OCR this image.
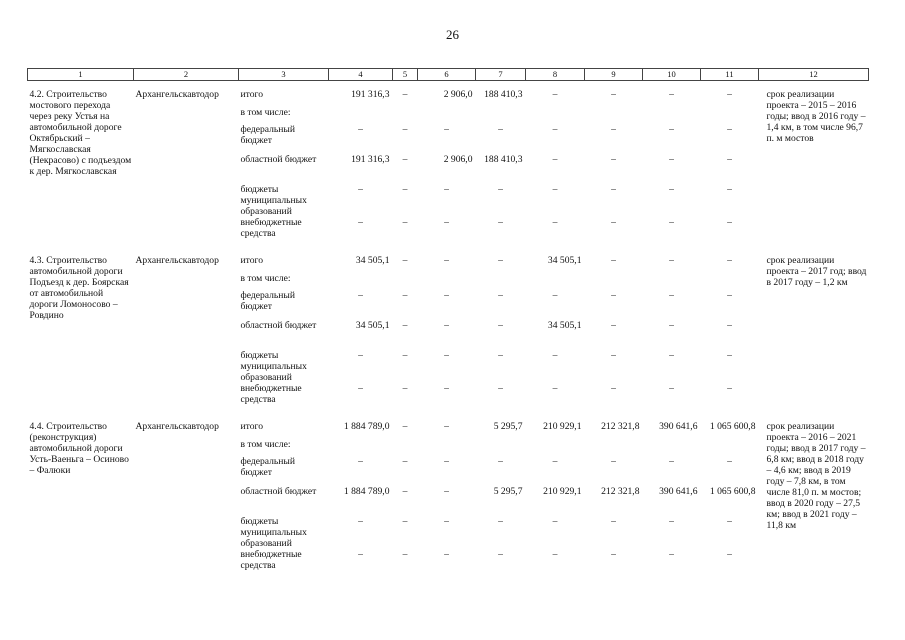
26
1	2	3	4	5	6	7	8	9	10	11	12
4.2. Строительство мостового перехода через реку Устья на автомобильной дороге Октябрьский – Мягкославская (Некрасово) с подъездом к дер. Мягкославская	Архангельскавтодор	итого	191 316,3	–	2 906,0	188 410,3	–	–	–	–	срок реализации проекта – 2015 – 2016 годы; ввод в 2016 году – 1,4 км, в том числе 96,7 п. м мостов
		в том числе:									
		федеральный бюджет	–	–	–	–	–	–	–	–	
		областной бюджет	191 316,3	–	2 906,0	188 410,3	–	–	–	–	
		бюджеты муниципальных образований	–	–	–	–	–	–	–	–	
		внебюджетные средства	–	–	–	–	–	–	–	–	
4.3. Строительство автомобильной дороги Подъезд к дер. Боярская от автомобильной дороги Ломоносово – Ровдино	Архангельскавтодор	итого	34 505,1	–	–	–	34 505,1	–	–	–	срок реализации проекта – 2017 год; ввод в 2017 году – 1,2 км
		в том числе:									
		федеральный бюджет	–	–	–	–	–	–	–	–	
		областной бюджет	34 505,1	–	–	–	34 505,1	–	–	–	
		бюджеты муниципальных образований	–	–	–	–	–	–	–	–	
		внебюджетные средства	–	–	–	–	–	–	–	–	
4.4. Строительство (реконструкция) автомобильной дороги Усть-Ваеньга – Осиново – Фалюки	Архангельскавтодор	итого	1 884 789,0	–	–	5 295,7	210 929,1	212 321,8	390 641,6	1 065 600,8	срок реализации проекта – 2016 – 2021 годы; ввод в 2017 году – 6,8 км; ввод в 2018 году – 4,6 км; ввод в 2019 году – 7,8 км, в том числе 81,0 п. м мостов; ввод в 2020 году – 27,5 км; ввод в 2021 году – 11,8 км
		в том числе:									
		федеральный бюджет	–	–	–	–	–	–	–	–	
		областной бюджет	1 884 789,0	–	–	5 295,7	210 929,1	212 321,8	390 641,6	1 065 600,8	
		бюджеты муниципальных образований	–	–	–	–	–	–	–	–	
		внебюджетные средства	–	–	–	–	–	–	–	–	
